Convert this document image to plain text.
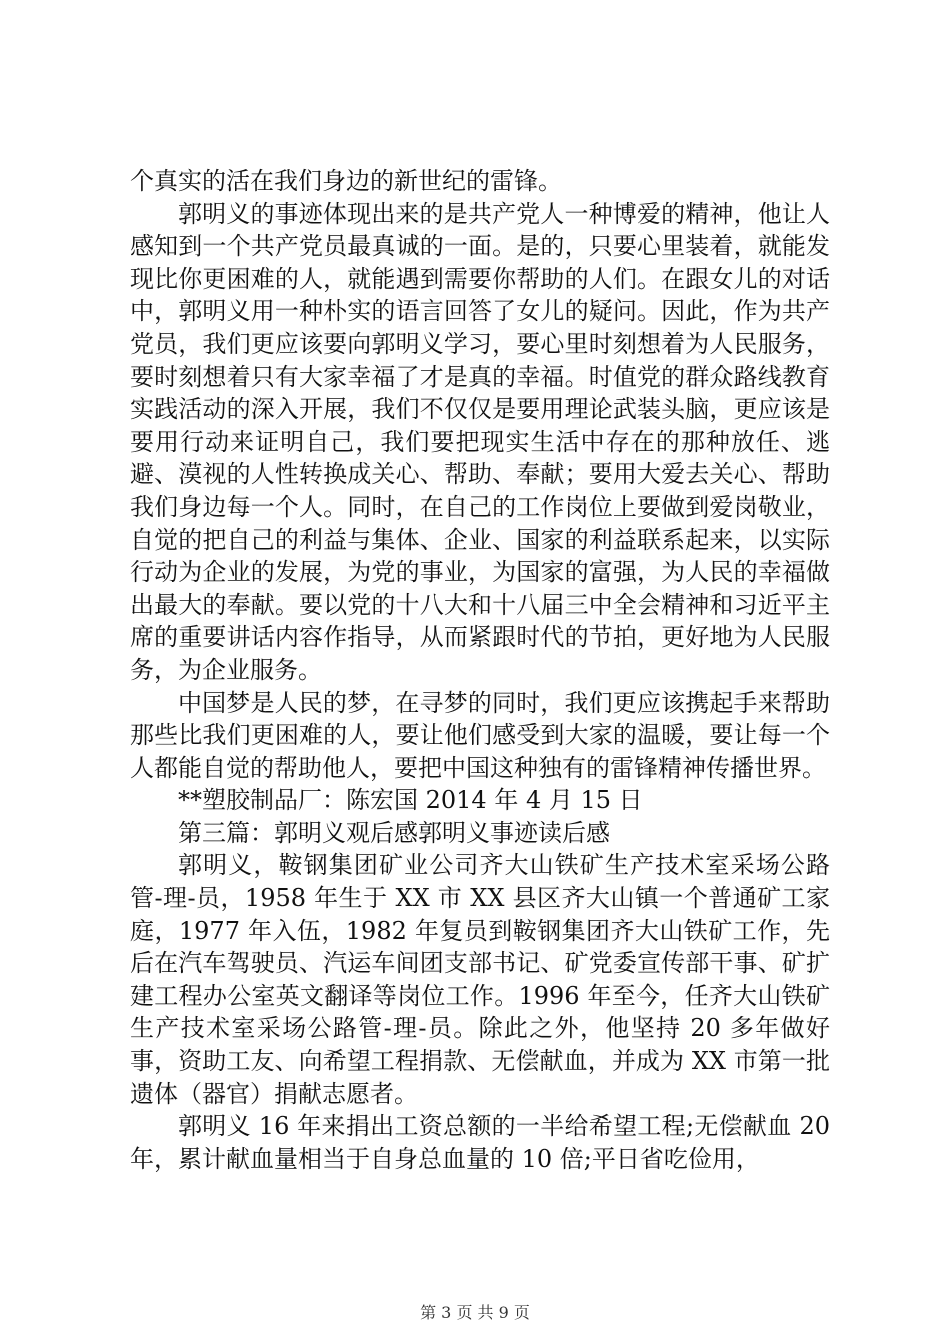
个真实的活在我们身边的新世纪的雷锋。

郭明义的事迹体现出来的是共产党人一种博爱的精神，他让人感知到一个共产党员最真诚的一面。是的，只要心里装着，就能发现比你更困难的人，就能遇到需要你帮助的人们。在跟女儿的对话中，郭明义用一种朴实的语言回答了女儿的疑问。因此，作为共产党员，我们更应该要向郭明义学习，要心里时刻想着为人民服务，要时刻想着只有大家幸福了才是真的幸福。时值党的群众路线教育实践活动的深入开展，我们不仅仅是要用理论武装头脑，更应该是要用行动来证明自己，我们要把现实生活中存在的那种放任、逃避、漠视的人性转换成关心、帮助、奉献；要用大爱去关心、帮助我们身边每一个人。同时，在自己的工作岗位上要做到爱岗敬业，自觉的把自己的利益与集体、企业、国家的利益联系起来，以实际行动为企业的发展，为党的事业，为国家的富强，为人民的幸福做出最大的奉献。要以党的十八大和十八届三中全会精神和习近平主席的重要讲话内容作指导，从而紧跟时代的节拍，更好地为人民服务，为企业服务。

中国梦是人民的梦，在寻梦的同时，我们更应该携起手来帮助那些比我们更困难的人，要让他们感受到大家的温暖，要让每一个人都能自觉的帮助他人，要把中国这种独有的雷锋精神传播世界。

**塑胶制品厂：陈宏国 2014 年 4 月 15 日

第三篇：郭明义观后感郭明义事迹读后感

郭明义，鞍钢集团矿业公司齐大山铁矿生产技术室采场公路管-理-员，1958 年生于 XX 市 XX 县区齐大山镇一个普通矿工家庭，1977 年入伍，1982 年复员到鞍钢集团齐大山铁矿工作，先后在汽车驾驶员、汽运车间团支部书记、矿党委宣传部干事、矿扩建工程办公室英文翻译等岗位工作。1996 年至今，任齐大山铁矿生产技术室采场公路管-理-员。除此之外，他坚持 20 多年做好事，资助工友、向希望工程捐款、无偿献血，并成为 XX 市第一批遗体（器官）捐献志愿者。

郭明义 16 年来捐出工资总额的一半给希望工程;无偿献血 20 年，累计献血量相当于自身总血量的 10 倍;平日省吃俭用，

第 3 页 共 9 页
